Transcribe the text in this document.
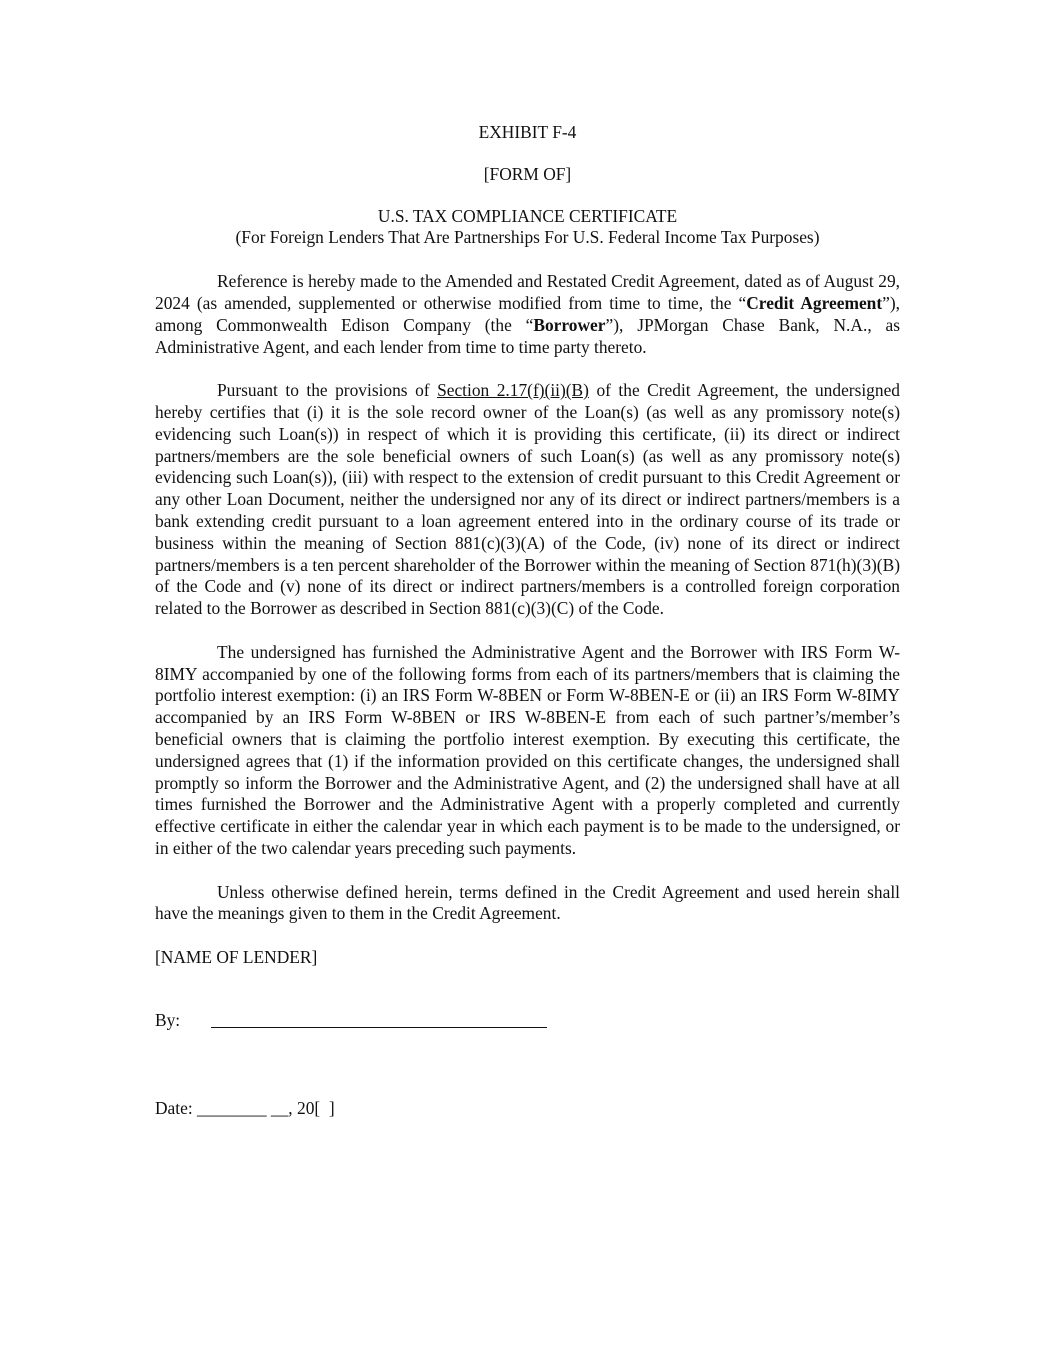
EXHIBIT F-4
[FORM OF]
U.S. TAX COMPLIANCE CERTIFICATE
(For Foreign Lenders That Are Partnerships For U.S. Federal Income Tax Purposes)

Reference is hereby made to the Amended and Restated Credit Agreement, dated as of August 29, 2024 (as amended, supplemented or otherwise modified from time to time, the “Credit Agreement”), among Commonwealth Edison Company (the “Borrower”), JPMorgan Chase Bank, N.A., as Administrative Agent, and each lender from time to time party thereto.

Pursuant to the provisions of Section 2.17(f)(ii)(B) of the Credit Agreement, the undersigned hereby certifies that (i) it is the sole record owner of the Loan(s) (as well as any promissory note(s) evidencing such Loan(s)) in respect of which it is providing this certificate, (ii) its direct or indirect partners/members are the sole beneficial owners of such Loan(s) (as well as any promissory note(s) evidencing such Loan(s)), (iii) with respect to the extension of credit pursuant to this Credit Agreement or any other Loan Document, neither the undersigned nor any of its direct or indirect partners/members is a bank extending credit pursuant to a loan agreement entered into in the ordinary course of its trade or business within the meaning of Section 881(c)(3)(A) of the Code, (iv) none of its direct or indirect partners/members is a ten percent shareholder of the Borrower within the meaning of Section 871(h)(3)(B) of the Code and (v) none of its direct or indirect partners/members is a controlled foreign corporation related to the Borrower as described in Section 881(c)(3)(C) of the Code.

The undersigned has furnished the Administrative Agent and the Borrower with IRS Form W-8IMY accompanied by one of the following forms from each of its partners/members that is claiming the portfolio interest exemption: (i) an IRS Form W-8BEN or Form W-8BEN-E or (ii) an IRS Form W-8IMY accompanied by an IRS Form W-8BEN or IRS W-8BEN-E from each of such partner’s/member’s beneficial owners that is claiming the portfolio interest exemption. By executing this certificate, the undersigned agrees that (1) if the information provided on this certificate changes, the undersigned shall promptly so inform the Borrower and the Administrative Agent, and (2) the undersigned shall have at all times furnished the Borrower and the Administrative Agent with a properly completed and currently effective certificate in either the calendar year in which each payment is to be made to the undersigned, or in either of the two calendar years preceding such payments.

Unless otherwise defined herein, terms defined in the Credit Agreement and used herein shall have the meanings given to them in the Credit Agreement.

[NAME OF LENDER]
By:
Date: ________ __, 20[  ]
